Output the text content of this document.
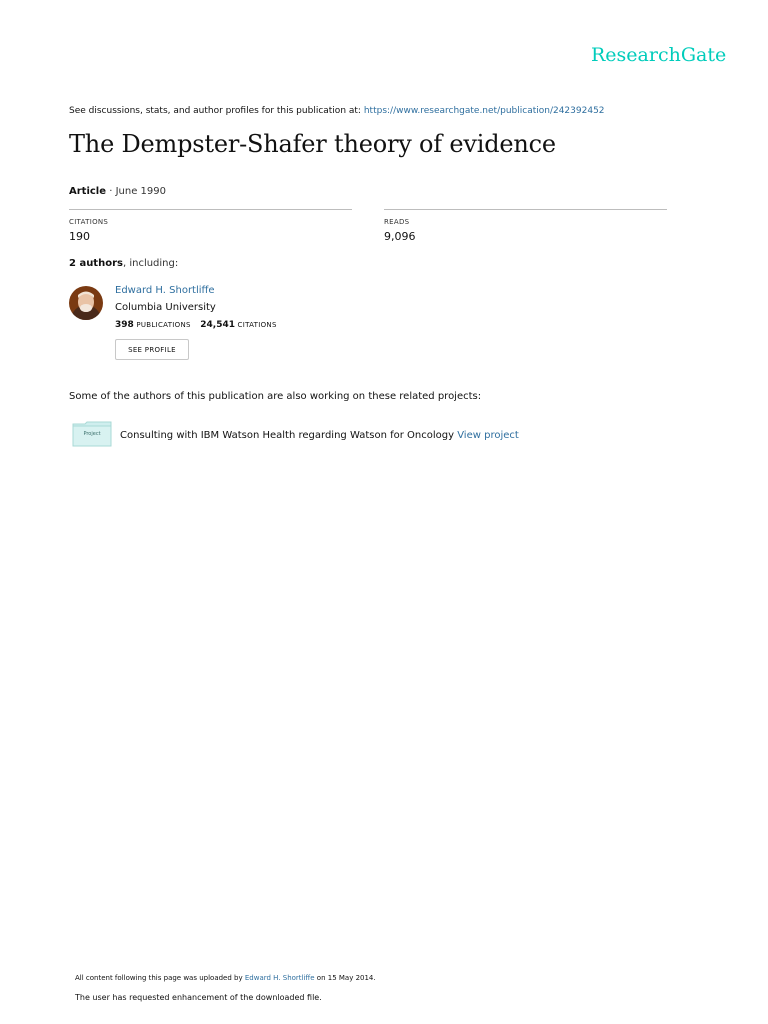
ResearchGate
See discussions, stats, and author profiles for this publication at: https://www.researchgate.net/publication/242392452
The Dempster-Shafer theory of evidence
Article · June 1990
CITATIONS
190
READS
9,096
2 authors, including:
Edward H. Shortliffe
Columbia University
398 PUBLICATIONS 24,541 CITATIONS
SEE PROFILE
Some of the authors of this publication are also working on these related projects:
Project	Consulting with IBM Watson Health regarding Watson for Oncology View project
All content following this page was uploaded by Edward H. Shortliffe on 15 May 2014.
The user has requested enhancement of the downloaded file.
